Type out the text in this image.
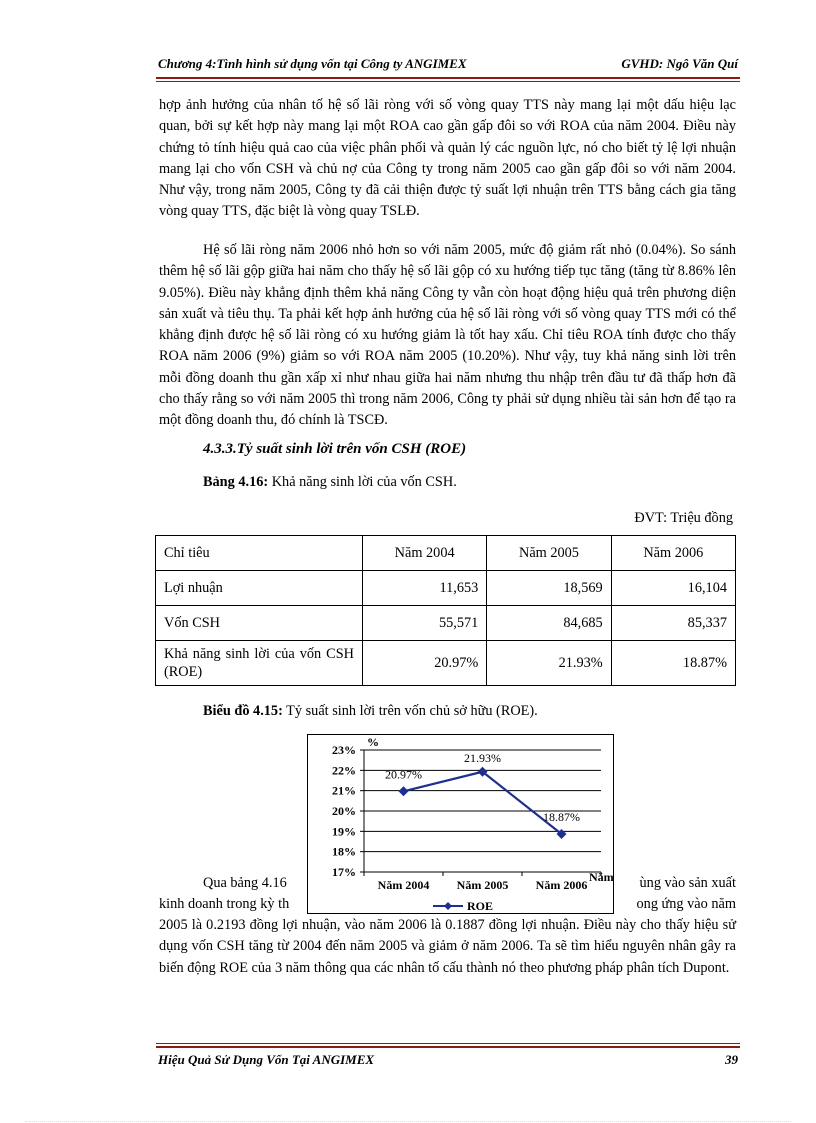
Chương 4:Tình hình sử dụng vốn tại Công ty ANGIMEX	GVHD: Ngô Văn Quí
hợp ảnh hưởng của nhân tố hệ số lãi ròng với số vòng quay TTS này mang lại một dấu hiệu lạc quan, bởi sự kết hợp này mang lại một ROA cao gần gấp đôi so với ROA của năm 2004. Điều này chứng tỏ tính hiệu quả cao của việc phân phối và quản lý các nguồn lực, nó cho biết tỷ lệ lợi nhuận mang lại cho vốn CSH và chủ nợ của Công ty trong năm 2005 cao gần gấp đôi so với năm 2004. Như vậy, trong năm 2005, Công ty đã cải thiện được tỷ suất lợi nhuận trên TTS bằng cách gia tăng vòng quay TTS, đặc biệt là vòng quay TSLĐ.
Hệ số lãi ròng năm 2006 nhỏ hơn so với năm 2005, mức độ giảm rất nhỏ (0.04%). So sánh thêm hệ số lãi gộp giữa hai năm cho thấy hệ số lãi gộp có xu hướng tiếp tục tăng (tăng từ 8.86% lên 9.05%). Điều này khẳng định thêm khả năng Công ty vẫn còn hoạt động hiệu quả trên phương diện sản xuất và tiêu thụ. Ta phải kết hợp ảnh hưởng của hệ số lãi ròng với số vòng quay TTS mới có thể khẳng định được hệ số lãi ròng có xu hướng giảm là tốt hay xấu. Chỉ tiêu ROA tính được cho thấy ROA năm 2006 (9%) giảm so với ROA năm 2005 (10.20%). Như vậy, tuy khả năng sinh lời trên mỗi đồng doanh thu gần xấp xỉ như nhau giữa hai năm nhưng thu nhập trên đầu tư đã thấp hơn đã cho thấy rằng so với năm 2005 thì trong năm 2006, Công ty phải sử dụng nhiều tài sản hơn để tạo ra một đồng doanh thu, đó chính là TSCĐ.
4.3.3.Tỷ suất sinh lời trên vốn CSH (ROE)
Bảng 4.16: Khả năng sinh lời của vốn CSH.
ĐVT: Triệu đồng
Chỉ tiêu	Năm 2004	Năm 2005	Năm 2006
Lợi nhuận	11,653	18,569	16,104
Vốn CSH	55,571	84,685	85,337
Khả năng sinh lời của vốn CSH (ROE)	20.97%	21.93%	18.87%
Biểu đồ 4.15: Tỷ suất sinh lời trên vốn chủ sở hữu (ROE).
Qua bảng 4.16	ùng vào sản xuất
kinh doanh trong kỳ th	ong ứng vào năm
2005 là 0.2193 đồng lợi nhuận, vào năm 2006 là 0.1887 đồng lợi nhuận. Điều này cho thấy hiệu sử dụng vốn CSH tăng từ 2004 đến năm 2005 và giảm ở năm 2006. Ta sẽ tìm hiểu nguyên nhân gây ra biến động ROE của 3 năm thông qua các nhân tố cấu thành nó theo phương pháp phân tích Dupont.
17%
18%
19%
20%
21%
22%
23%
Năm 2004 Năm 2005 Năm 2006
20.97%
21.93%
18.87%
%
Năm
ROE
Hiệu Quả Sử Dụng Vốn Tại ANGIMEX	39
